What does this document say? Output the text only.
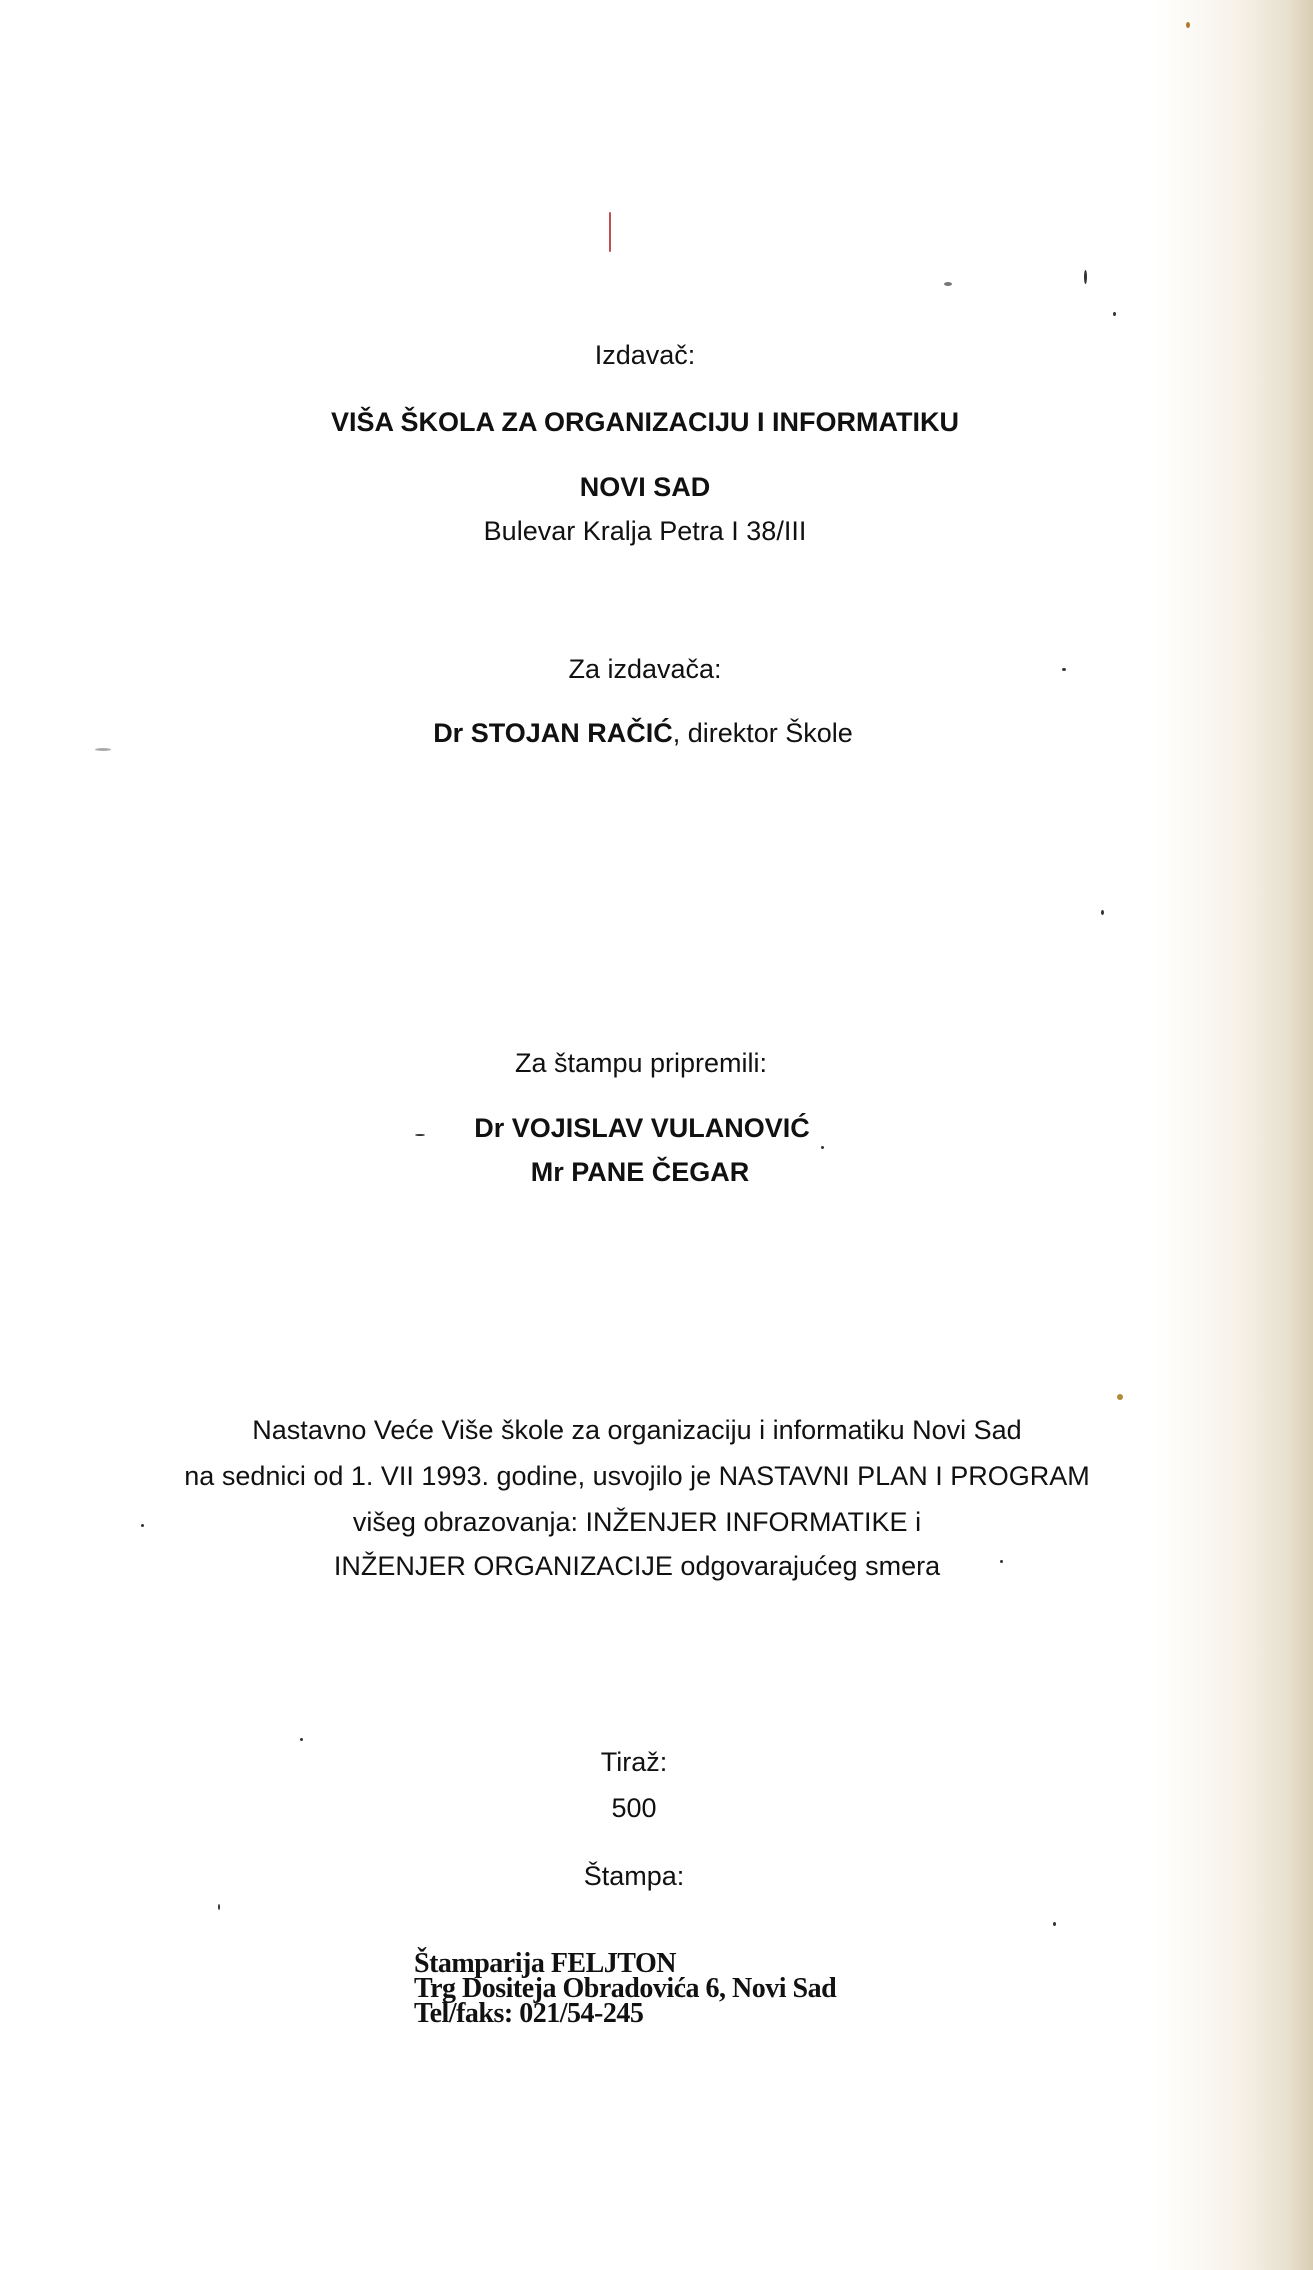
Izdavač:
VIŠA ŠKOLA ZA ORGANIZACIJU I INFORMATIKU
NOVI SAD
Bulevar Kralja Petra I 38/III
Za izdavača:
Dr STOJAN RAČIĆ, direktor Škole
Za štampu pripremili:
Dr VOJISLAV VULANOVIĆ
Mr PANE ČEGAR
Nastavno Veće Više škole za organizaciju i informatiku Novi Sad
na sednici od 1. VII 1993. godine, usvojilo je NASTAVNI PLAN I PROGRAM
višeg obrazovanja: INŽENJER INFORMATIKE i
INŽENJER ORGANIZACIJE odgovarajućeg smera
Tiraž:
500
Štampa:
Štamparija FELJTON
Trg Dositeja Obradovića 6, Novi Sad
Tel/faks: 021/54-245
